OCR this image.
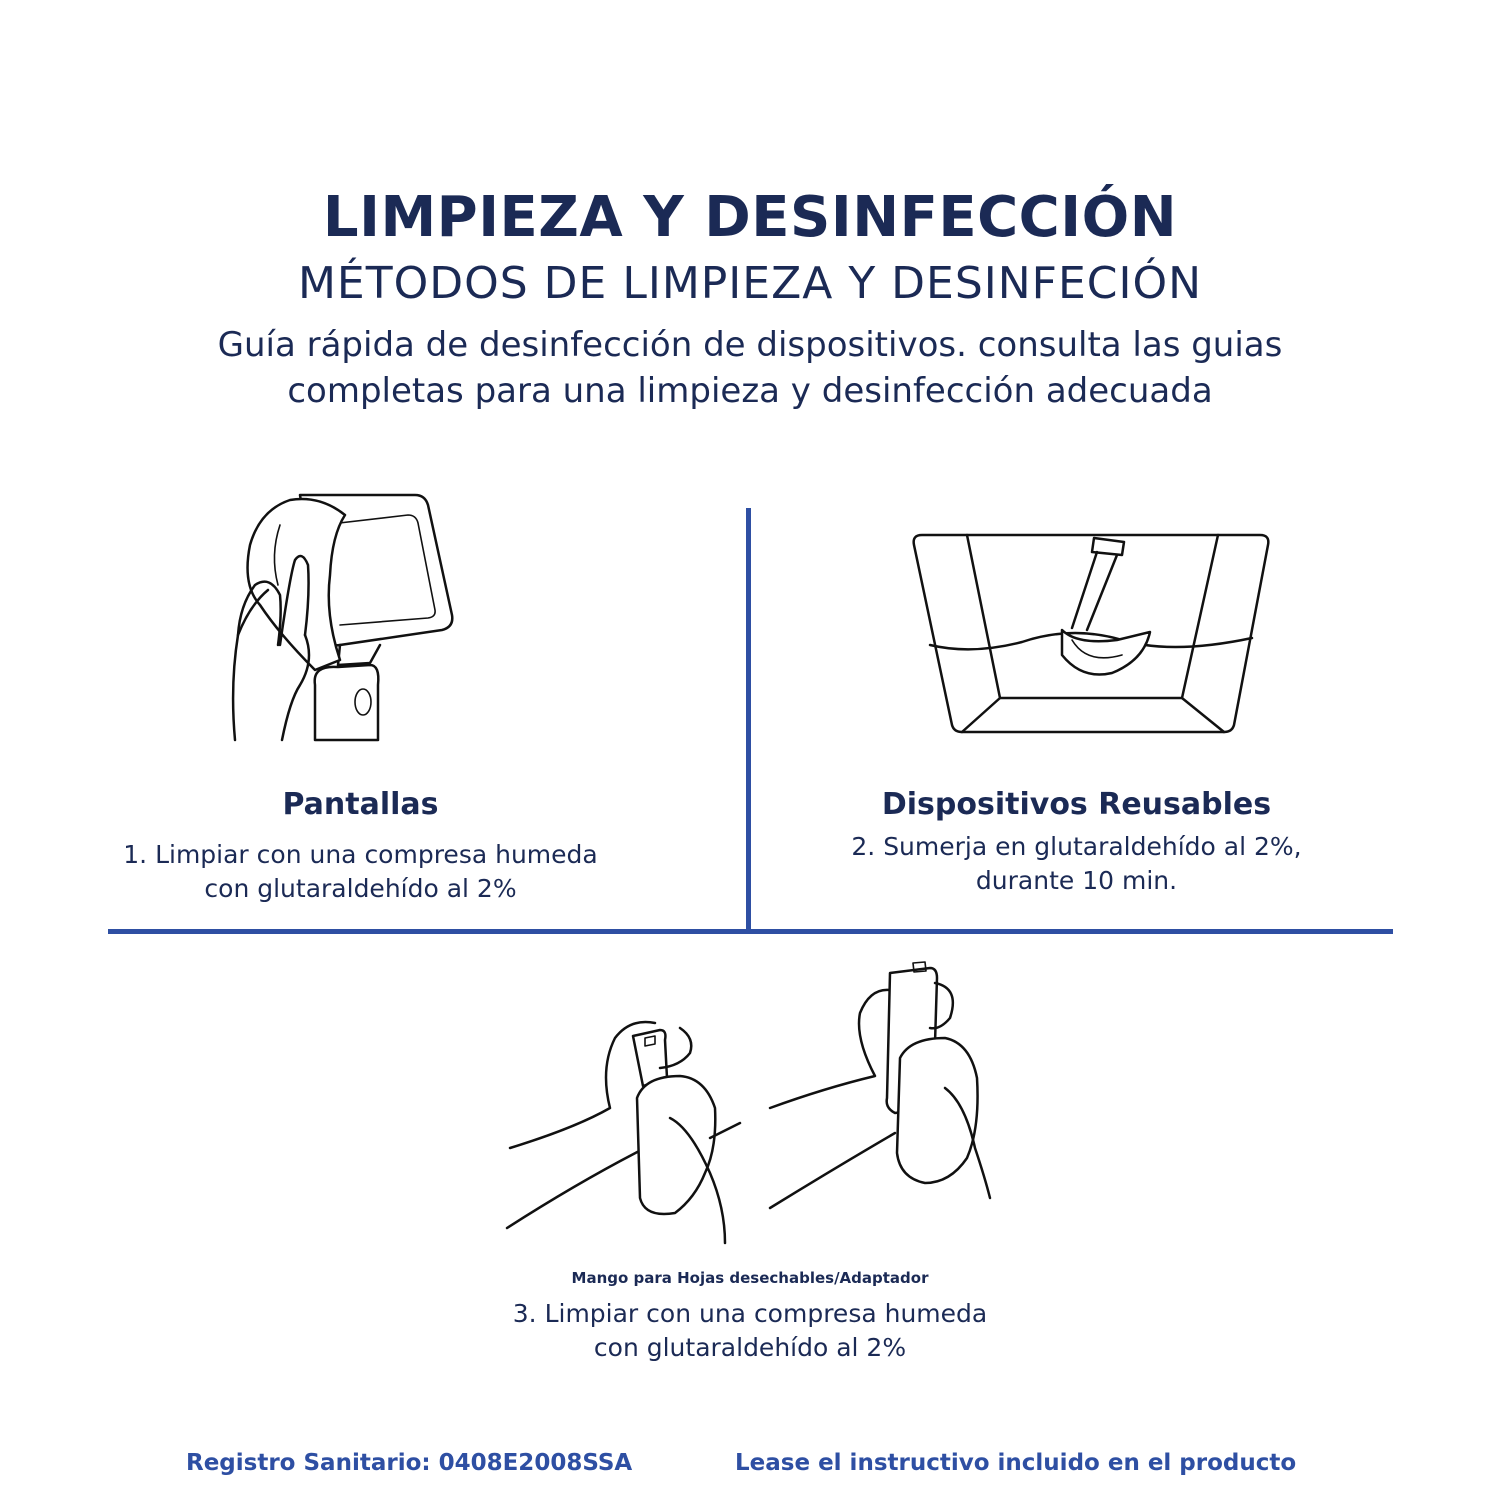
LIMPIEZA Y DESINFECCIÓN
MÉTODOS DE LIMPIEZA Y DESINFECIÓN
Guía rápida de desinfección de dispositivos. consulta las guias
completas para una limpieza y desinfección adecuada
Pantallas
1. Limpiar con una compresa humeda
con glutaraldehído al 2%
Dispositivos Reusables
2. Sumerja en glutaraldehído al 2%,
durante 10 min.
Mango para Hojas desechables/Adaptador
3. Limpiar con una compresa humeda
con glutaraldehído al 2%
Registro Sanitario: 0408E2008SSA	Lease el instructivo incluido en el producto
